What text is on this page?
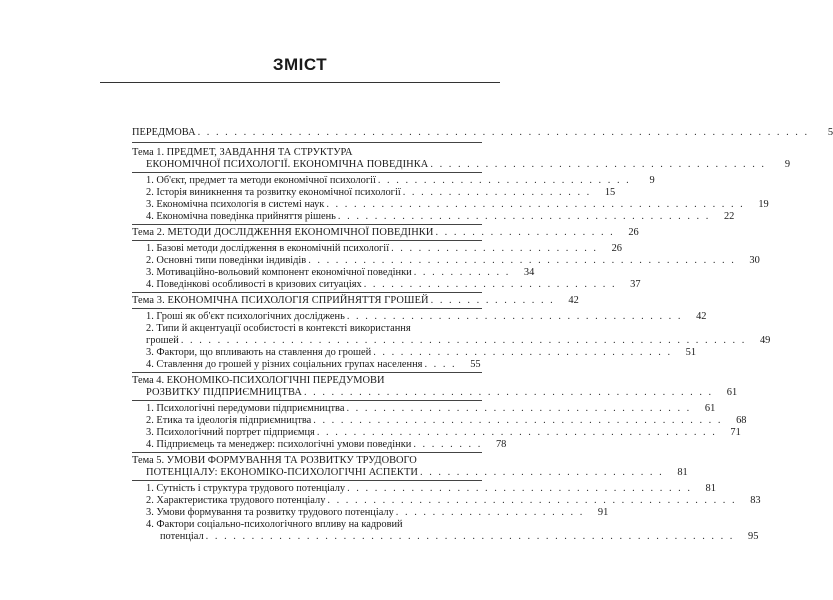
ЗМІСТ
ПЕРЕДМОВА . . . . . . . . . . . . . . . . . . . . . . . . . . . . . . . . . . . . . . . . . . . . . . . . . . . . . . . . . . . . . . . . . . .	5
Тема 1. ПРЕДМЕТ, ЗАВДАННЯ ТА СТРУКТУРА
ЕКОНОМІЧНОЇ ПСИХОЛОГІЇ. ЕКОНОМІЧНА ПОВЕДІНКА . . . . . . . . . . . . . . . . . . . . . . . . . . . . . . . . . . . . .	9
1. Об'єкт, предмет та методи економічної психології . . . . . . . . . . . . . . . . . . . . . . . . . . . .	9
2. Історія виникнення та розвитку економічної психології . . . . . . . . . . . . . . . . . . . . .	15
3. Економічна психологія в системі наук . . . . . . . . . . . . . . . . . . . . . . . . . . . . . . . . . . . . . . . . . . . . . .	19
4. Економічна поведінка прийняття рішень . . . . . . . . . . . . . . . . . . . . . . . . . . . . . . . . . . . . . . . . .	22
Тема 2. МЕТОДИ ДОСЛІДЖЕННЯ ЕКОНОМІЧНОЇ ПОВЕДІНКИ . . . . . . . . . . . . . . . . . . . .	26
1. Базові методи дослідження в економічній психології . . . . . . . . . . . . . . . . . . . . . . .	26
2. Основні типи поведінки індивідів . . . . . . . . . . . . . . . . . . . . . . . . . . . . . . . . . . . . . . . . . . . . . . .	30
3. Мотиваційно-вольовий компонент економічної поведінки . . . . . . . . . . .	34
4. Поведінкові особливості в кризових ситуаціях . . . . . . . . . . . . . . . . . . . . . . . . . . . .	37
Тема 3. ЕКОНОМІЧНА ПСИХОЛОГІЯ СПРИЙНЯТТЯ ГРОШЕЙ . . . . . . . . . . . . . .	42
1. Гроші як об'єкт психологічних досліджень . . . . . . . . . . . . . . . . . . . . . . . . . . . . . . . . . . . . .	42
2. Типи й акцентуації особистості в контексті використання
грошей . . . . . . . . . . . . . . . . . . . . . . . . . . . . . . . . . . . . . . . . . . . . . . . . . . . . . . . . . . . . . .	49
3. Фактори, що впливають на ставлення до грошей . . . . . . . . . . . . . . . . . . . . . . . . . . . . . . . . .	51
4. Ставлення до грошей у різних соціальних групах населення . . . .	55
Тема 4. ЕКОНОМІКО-ПСИХОЛОГІЧНІ ПЕРЕДУМОВИ
РОЗВИТКУ ПІДПРИЄМНИЦТВА . . . . . . . . . . . . . . . . . . . . . . . . . . . . . . . . . . . . . . . . . . . . .	61
1. Психологічні передумови підприємництва . . . . . . . . . . . . . . . . . . . . . . . . . . . . . . . . . . . . . .	61
2. Етика та ідеологія підприємництва . . . . . . . . . . . . . . . . . . . . . . . . . . . . . . . . . . . . . . . . . . . . .	68
3. Психологічний портрет підприємця . . . . . . . . . . . . . . . . . . . . . . . . . . . . . . . . . . . . . . . . . . . .	71
4. Підприємець та менеджер: психологічні умови поведінки . . . . . . . .	78
Тема 5. УМОВИ ФОРМУВАННЯ ТА РОЗВИТКУ ТРУДОВОГО
ПОТЕНЦІАЛУ: ЕКОНОМІКО-ПСИХОЛОГІЧНІ АСПЕКТИ . . . . . . . . . . . . . . . . . . . . . . . . . . .	81
1. Сутність і структура трудового потенціалу . . . . . . . . . . . . . . . . . . . . . . . . . . . . . . . . . . . . . .	81
2. Характеристика трудового потенціалу . . . . . . . . . . . . . . . . . . . . . . . . . . . . . . . . . . . . . . . . . . . . .	83
3. Умови формування та розвитку трудового потенціалу . . . . . . . . . . . . . . . . . . . . .	91
4. Фактори соціально-психологічного впливу на кадровий
потенціал . . . . . . . . . . . . . . . . . . . . . . . . . . . . . . . . . . . . . . . . . . . . . . . . . . . . . . . . . .	95
